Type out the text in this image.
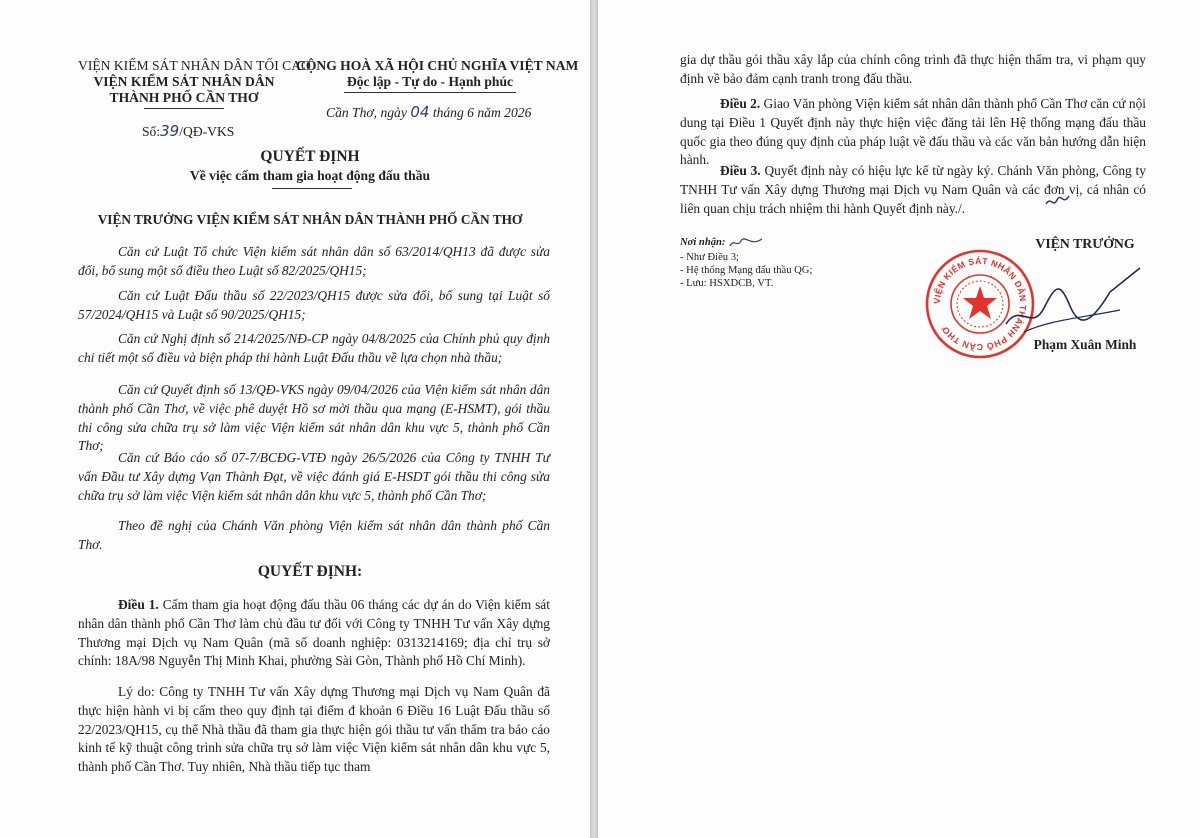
VIỆN KIỂM SÁT NHÂN DÂN TỐI CAO
VIỆN KIỂM SÁT NHÂN DÂN
THÀNH PHỐ CẦN THƠ
CỘNG HOÀ XÃ HỘI CHỦ NGHĨA VIỆT NAM
Độc lập - Tự do - Hạnh phúc
Số:39/QĐ-VKS
Cần Thơ, ngày 04 tháng 6 năm 2026
QUYẾT ĐỊNH
Về việc cấm tham gia hoạt động đấu thầu
VIỆN TRƯỞNG VIỆN KIỂM SÁT NHÂN DÂN THÀNH PHỐ CẦN THƠ
Căn cứ Luật Tổ chức Viện kiểm sát nhân dân số 63/2014/QH13 đã được sửa đổi, bổ sung một số điều theo Luật số 82/2025/QH15;
Căn cứ Luật Đấu thầu số 22/2023/QH15 được sửa đổi, bổ sung tại Luật số 57/2024/QH15 và Luật số 90/2025/QH15;
Căn cứ Nghị định số 214/2025/NĐ-CP ngày 04/8/2025 của Chính phủ quy định chi tiết một số điều và biện pháp thi hành Luật Đấu thầu về lựa chọn nhà thầu;
Căn cứ Quyết định số 13/QĐ-VKS ngày 09/04/2026 của Viện kiểm sát nhân dân thành phố Cần Thơ, về việc phê duyệt Hồ sơ mời thầu qua mạng (E-HSMT), gói thầu thi công sửa chữa trụ sở làm việc Viện kiểm sát nhân dân khu vực 5, thành phố Cần Thơ;
Căn cứ Báo cáo số 07-7/BCĐG-VTĐ ngày 26/5/2026 của Công ty TNHH Tư vấn Đầu tư Xây dựng Vạn Thành Đạt, về việc đánh giá E-HSDT gói thầu thi công sửa chữa trụ sở làm việc Viện kiểm sát nhân dân khu vực 5, thành phố Cần Thơ;
Theo đề nghị của Chánh Văn phòng Viện kiểm sát nhân dân thành phố Cần Thơ.
QUYẾT ĐỊNH:
Điều 1. Cấm tham gia hoạt động đấu thầu 06 tháng các dự án do Viện kiểm sát nhân dân thành phố Cần Thơ làm chủ đầu tư đối với Công ty TNHH Tư vấn Xây dựng Thương mại Dịch vụ Nam Quân (mã số doanh nghiệp: 0313214169; địa chỉ trụ sở chính: 18A/98 Nguyễn Thị Minh Khai, phường Sài Gòn, Thành phố Hồ Chí Minh).
Lý do: Công ty TNHH Tư vấn Xây dựng Thương mại Dịch vụ Nam Quân đã thực hiện hành vi bị cấm theo quy định tại điểm đ khoản 6 Điều 16 Luật Đấu thầu số 22/2023/QH15, cụ thể Nhà thầu đã tham gia thực hiện gói thầu tư vấn thẩm tra báo cáo kinh tế kỹ thuật công trình sửa chữa trụ sở làm việc Viện kiểm sát nhân dân khu vực 5, thành phố Cần Thơ. Tuy nhiên, Nhà thầu tiếp tục tham
gia dự thầu gói thầu xây lắp của chính công trình đã thực hiện thẩm tra, vi phạm quy định về bảo đảm cạnh tranh trong đấu thầu.
Điều 2. Giao Văn phòng Viện kiểm sát nhân dân thành phố Cần Thơ căn cứ nội dung tại Điều 1 Quyết định này thực hiện việc đăng tải lên Hệ thống mạng đấu thầu quốc gia theo đúng quy định của pháp luật về đấu thầu và các văn bản hướng dẫn hiện hành.
Điều 3. Quyết định này có hiệu lực kể từ ngày ký. Chánh Văn phòng, Công ty TNHH Tư vấn Xây dựng Thương mại Dịch vụ Nam Quân và các đơn vị, cá nhân có liên quan chịu trách nhiệm thi hành Quyết định này./.
Nơi nhận:
- Như Điều 3;
- Hệ thống Mạng đấu thầu QG;
- Lưu: HSXDCB, VT.
VIỆN TRƯỞNG
VIỆN KIỂM SÁT NHÂN DÂN THÀNH PHỐ CẦN THƠ
Phạm Xuân Minh
